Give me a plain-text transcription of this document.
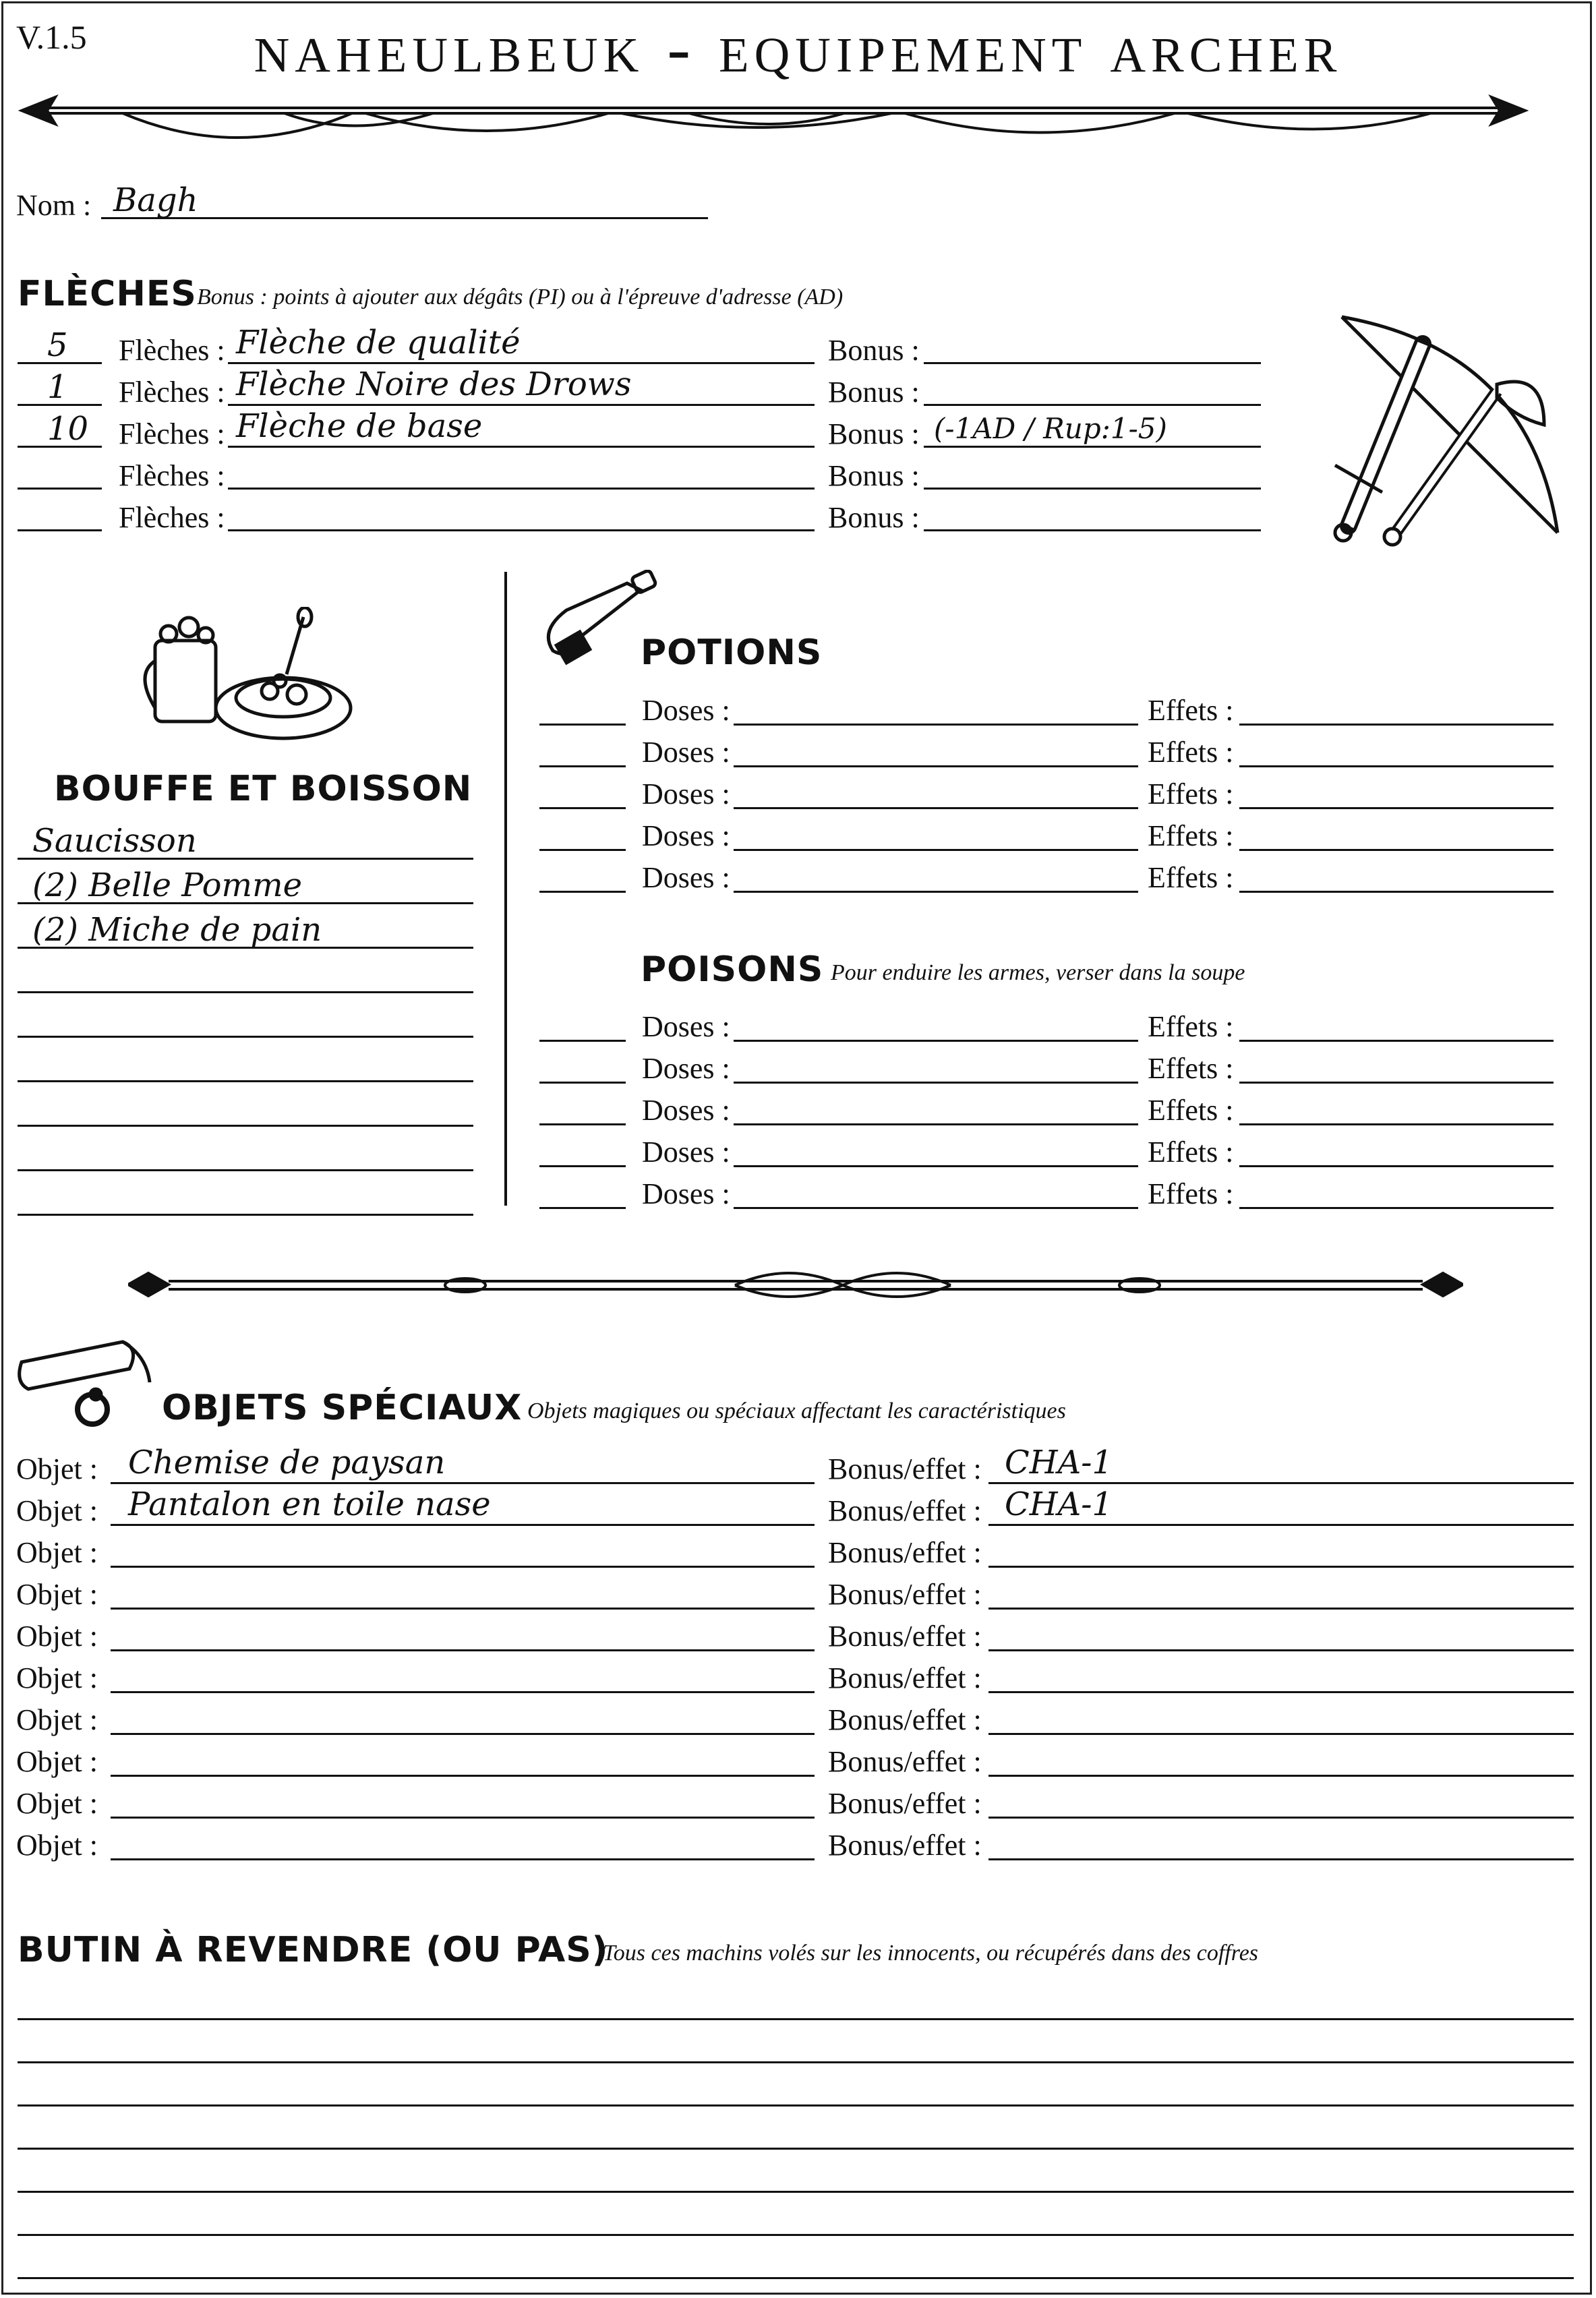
V.1.5	naheulbeuk - equipement archer
Nom : Bagh
FLÈCHES Bonus : points à ajouter aux dégâts (PI) ou à l'épreuve d'adresse (AD)
5 Flèches : Flèche de qualité	Bonus :
1 Flèches : Flèche Noire des Drows	Bonus :
10 Flèches : Flèche de base	Bonus : (-1AD / Rup:1-5)
Flèches :	Bonus :
Flèches :	Bonus :
BOUFFE ET BOISSON
Saucisson
(2) Belle Pomme
(2) Miche de pain
POTIONS
Doses :	Effets :
Doses :	Effets :
Doses :	Effets :
Doses :	Effets :
Doses :	Effets :
POISONS Pour enduire les armes, verser dans la soupe
Doses :	Effets :
Doses :	Effets :
Doses :	Effets :
Doses :	Effets :
Doses :	Effets :
OBJETS SPÉCIAUX Objets magiques ou spéciaux affectant les caractéristiques
Objet : Chemise de paysan	Bonus/effet : CHA-1
Objet : Pantalon en toile nase	Bonus/effet : CHA-1
Objet :	Bonus/effet :
Objet :	Bonus/effet :
Objet :	Bonus/effet :
Objet :	Bonus/effet :
Objet :	Bonus/effet :
Objet :	Bonus/effet :
Objet :	Bonus/effet :
Objet :	Bonus/effet :
BUTIN À REVENDRE (OU PAS)
Tous ces machins volés sur les innocents, ou récupérés dans des coffres
